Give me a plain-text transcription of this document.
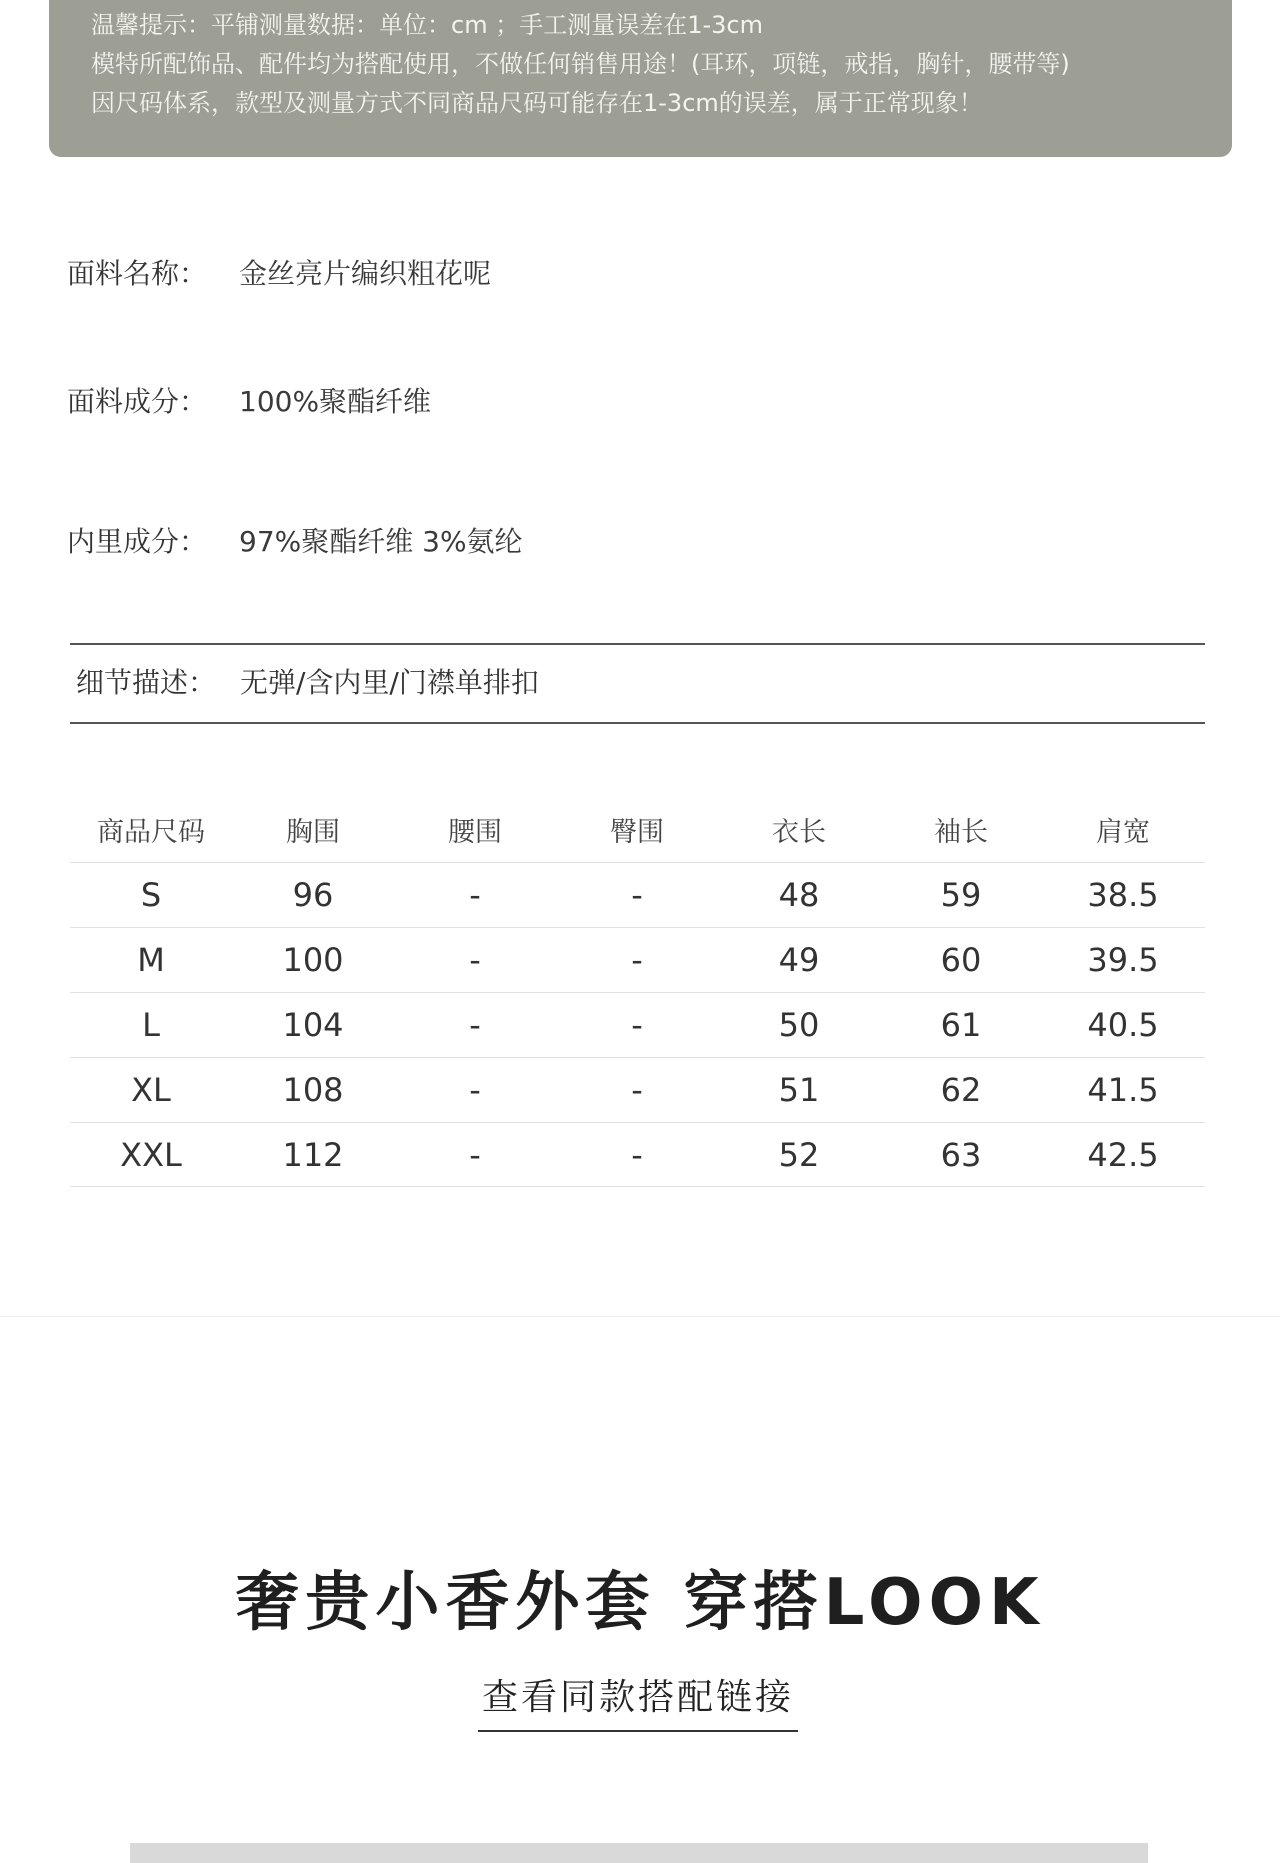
温馨提示：平铺测量数据：单位：cm ；手工测量误差在1-3cm
模特所配饰品、配件均为搭配使用，不做任何销售用途！(耳环，项链，戒指，胸针，腰带等)
因尺码体系，款型及测量方式不同商品尺码可能存在1-3cm的误差，属于正常现象！
面料名称： 金丝亮片编织粗花呢
面料成分： 100%聚酯纤维
内里成分： 97%聚酯纤维 3%氨纶
细节描述： 无弹/含内里/门襟单排扣
商品尺码	胸围	腰围	臀围	衣长	袖长	肩宽
S	96	-	-	48	59	38.5
M	100	-	-	49	60	39.5
L	104	-	-	50	61	40.5
XL	108	-	-	51	62	41.5
XXL	112	-	-	52	63	42.5
奢贵小香外套 穿搭LOOK
查看同款搭配链接
